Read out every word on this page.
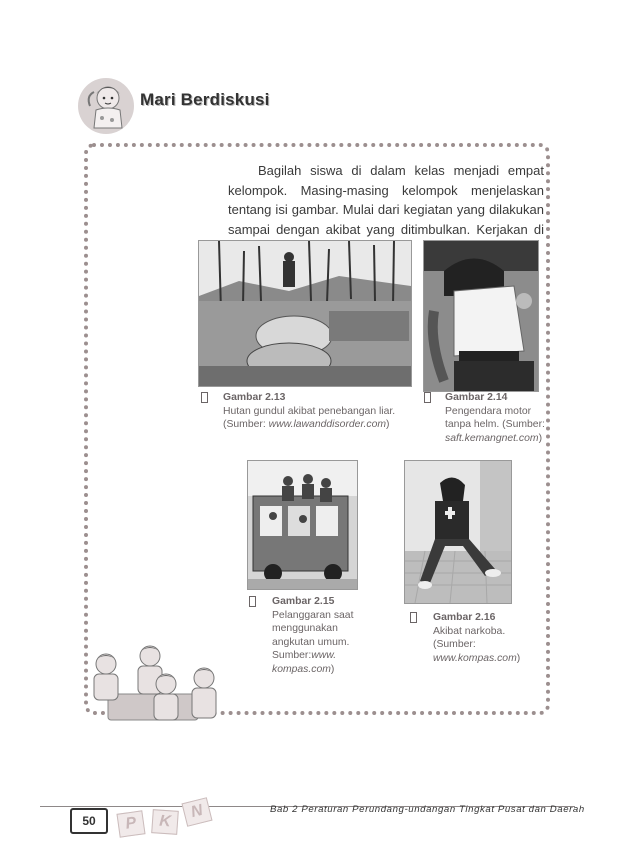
Mari Berdiskusi
Bagilah siswa di dalam kelas menjadi empat kelompok. Masing-masing kelompok menjelaskan tentang isi gambar. Mulai dari kegiatan yang dilakukan sampai dengan akibat yang ditimbulkan. Kerjakan di
Gambar 2.13
Hutan gundul akibat penebangan liar. (Sumber: www.lawanddisorder.com)
Gambar 2.14
Pengendara motor tanpa helm. (Sumber: saft.kemangnet.com)
Gambar 2.15
Pelanggaran saat menggunakan angkutan umum. Sumber:www. kompas.com)
Gambar 2.16
Akibat narkoba. (Sumber: www.kompas.com)
50	P	K
N	Bab 2 Peraturan Perundang-undangan Tingkat Pusat dan Daerah
